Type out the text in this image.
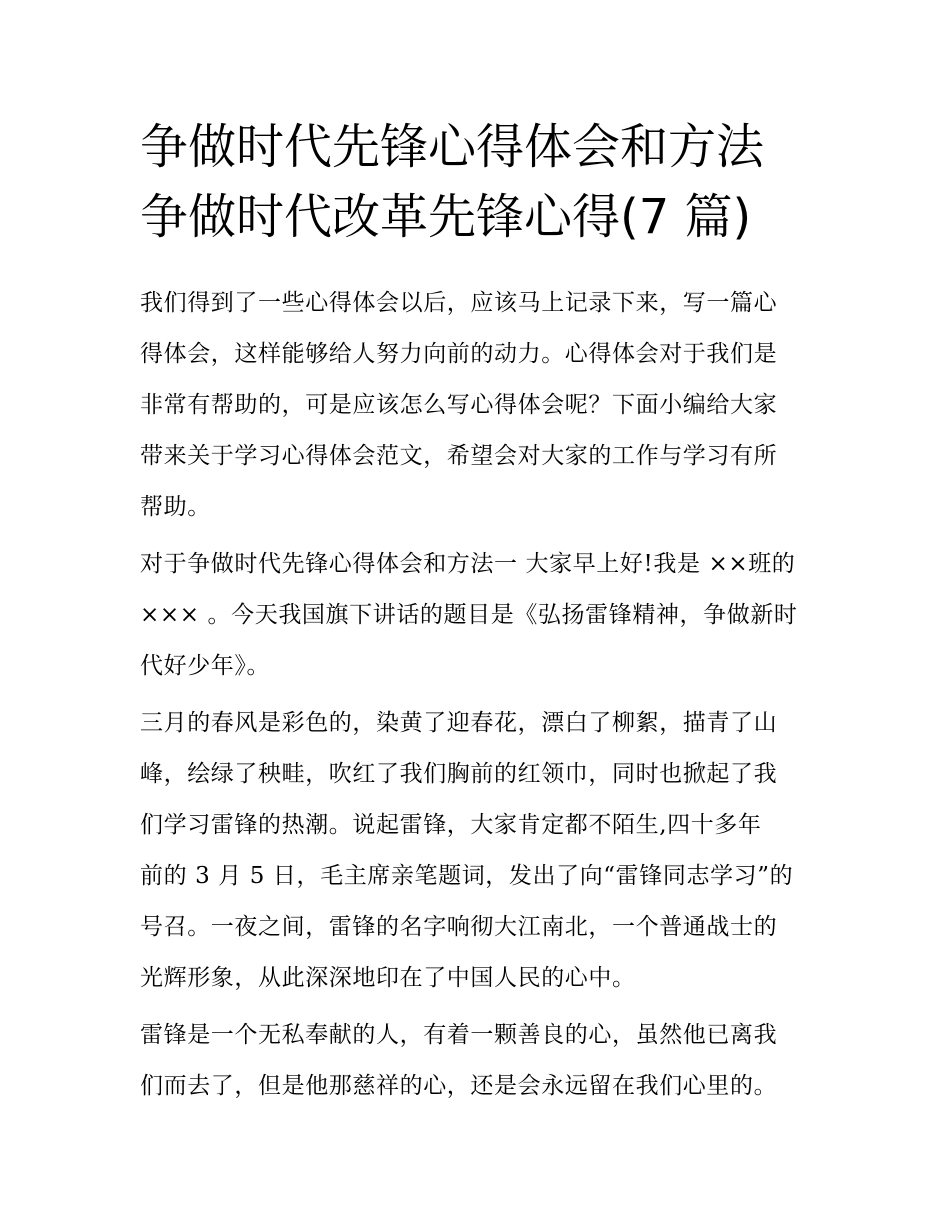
争做时代先锋心得体会和方法
争做时代改革先锋心得(7 篇)

我们得到了一些心得体会以后，应该马上记录下来，写一篇心
得体会，这样能够给人努力向前的动力。心得体会对于我们是
非常有帮助的，可是应该怎么写心得体会呢？下面小编给大家
带来关于学习心得体会范文，希望会对大家的工作与学习有所
帮助。

对于争做时代先锋心得体会和方法一 大家早上好!我是 ××班的
××× 。今天我国旗下讲话的题目是《弘扬雷锋精神，争做新时
代好少年》。

三月的春风是彩色的，染黄了迎春花，漂白了柳絮，描青了山
峰，绘绿了秧畦，吹红了我们胸前的红领巾，同时也掀起了我
们学习雷锋的热潮。说起雷锋，大家肯定都不陌生,四十多年
前的 3 月 5 日，毛主席亲笔题词，发出了向“雷锋同志学习”的
号召。一夜之间，雷锋的名字响彻大江南北，一个普通战士的
光辉形象，从此深深地印在了中国人民的心中。

雷锋是一个无私奉献的人，有着一颗善良的心，虽然他已离我
们而去了，但是他那慈祥的心，还是会永远留在我们心里的。
